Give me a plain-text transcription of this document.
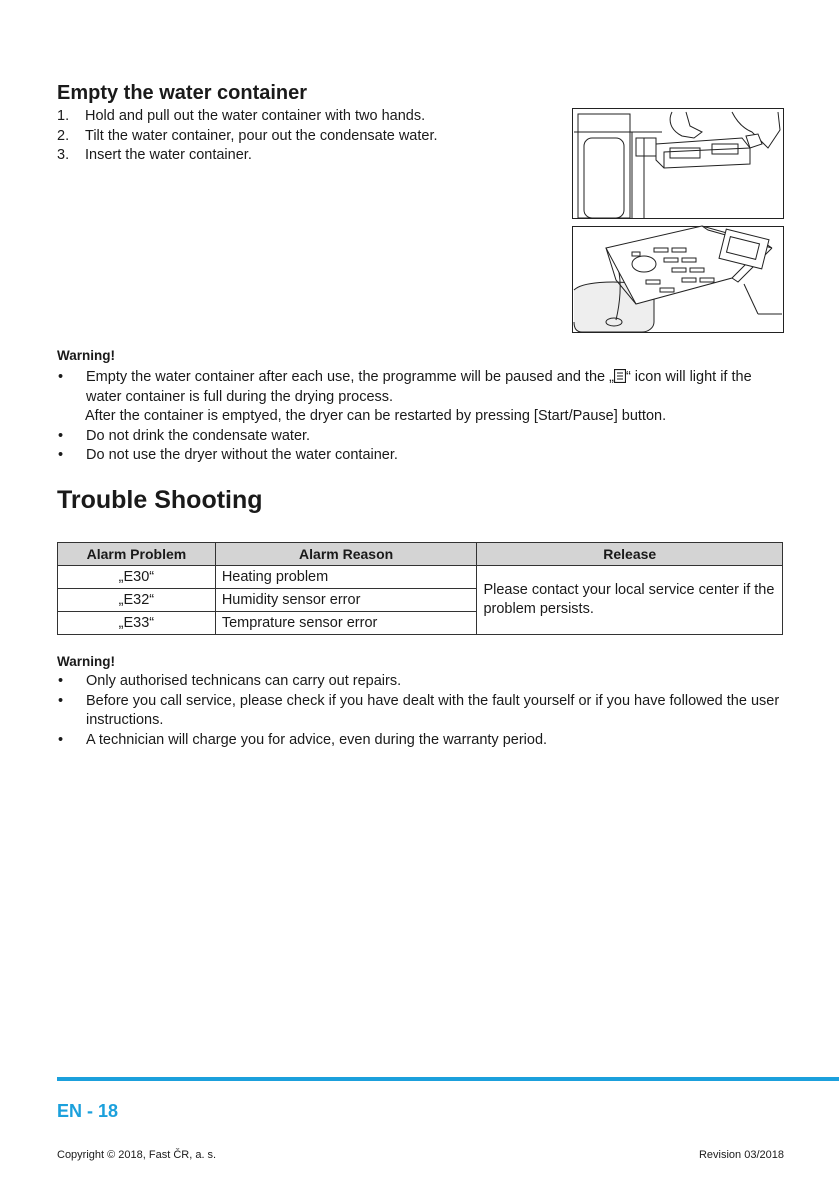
Empty the water container
1.	Hold and pull out the water container with two hands.
2.	Tilt the water container, pour out the condensate water.
3.	Insert the water container.
Warning!
•	Empty the water container after each use, the programme will be paused and the „ “ icon will light if the water container is full during the drying process.
After the container is emptyed, the dryer can be restarted by pressing [Start/Pause] button.
•	Do not drink the condensate water.
•	Do not use the dryer without the water container.
Trouble Shooting
Alarm Problem	Alarm Reason	Release
„E30“	Heating problem	Please contact your local service center if the problem persists.
„E32“	Humidity sensor error	
„E33“	Temprature sensor error	
Warning!
•	Only authorised technicans can carry out repairs.
•	Before you call service, please check if you have dealt with the fault yourself or if you have followed the user instructions.
•	A technician will charge you for advice, even during the warranty period.
EN - 18
Copyright © 2018, Fast ČR, a. s.	Revision 03/2018
